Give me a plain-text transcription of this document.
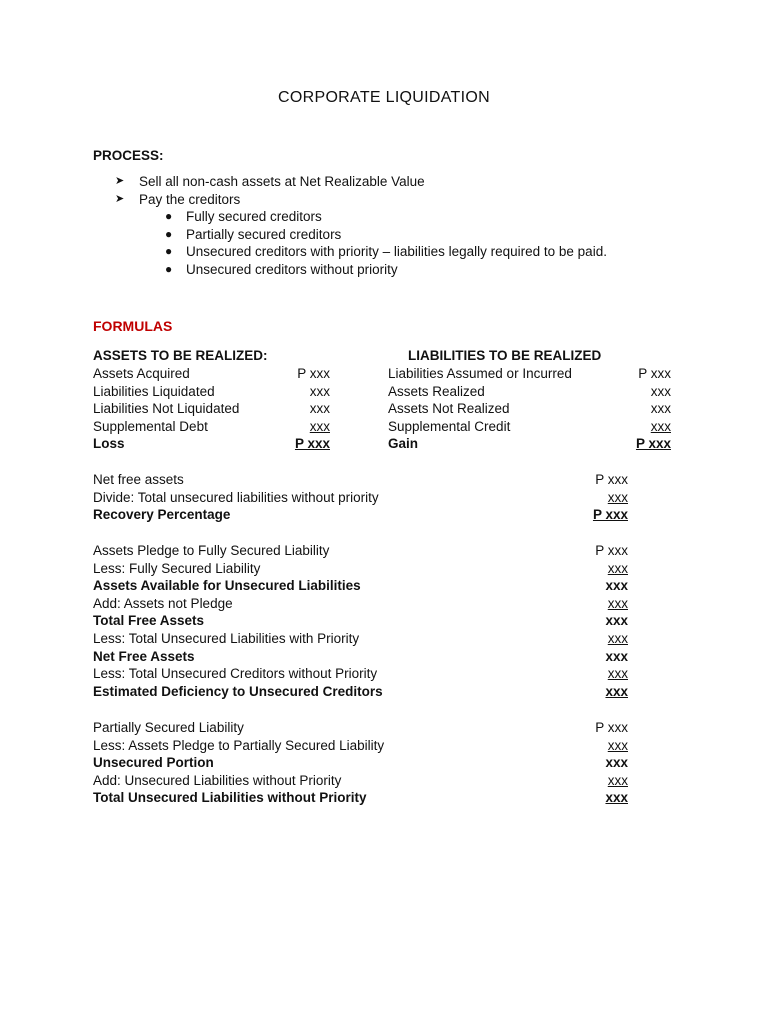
CORPORATE LIQUIDATION
PROCESS:
➤ Sell all non-cash assets at Net Realizable Value
➤ Pay the creditors
● Fully secured creditors
● Partially secured creditors
● Unsecured creditors with priority – liabilities legally required to be paid.
● Unsecured creditors without priority
FORMULAS
ASSETS TO BE REALIZED:
Assets Acquired	P xxx
Liabilities Liquidated	xxx
Liabilities Not Liquidated	xxx
Supplemental Debt	xxx
Loss	P xxx
LIABILITIES TO BE REALIZED
Liabilities Assumed or Incurred	P xxx
Assets Realized	xxx
Assets Not Realized	xxx
Supplemental Credit	xxx
Gain	P xxx
Net free assets	P xxx
Divide: Total unsecured liabilities without priority	xxx
Recovery Percentage	P xxx
Assets Pledge to Fully Secured Liability	P xxx
Less: Fully Secured Liability	xxx
Assets Available for Unsecured Liabilities	xxx
Add: Assets not Pledge	xxx
Total Free Assets	xxx
Less: Total Unsecured Liabilities with Priority	xxx
Net Free Assets	xxx
Less: Total Unsecured Creditors without Priority	xxx
Estimated Deficiency to Unsecured Creditors	xxx
Partially Secured Liability	P xxx
Less: Assets Pledge to Partially Secured Liability	xxx
Unsecured Portion	xxx
Add: Unsecured Liabilities without Priority	xxx
Total Unsecured Liabilities without Priority	xxx
